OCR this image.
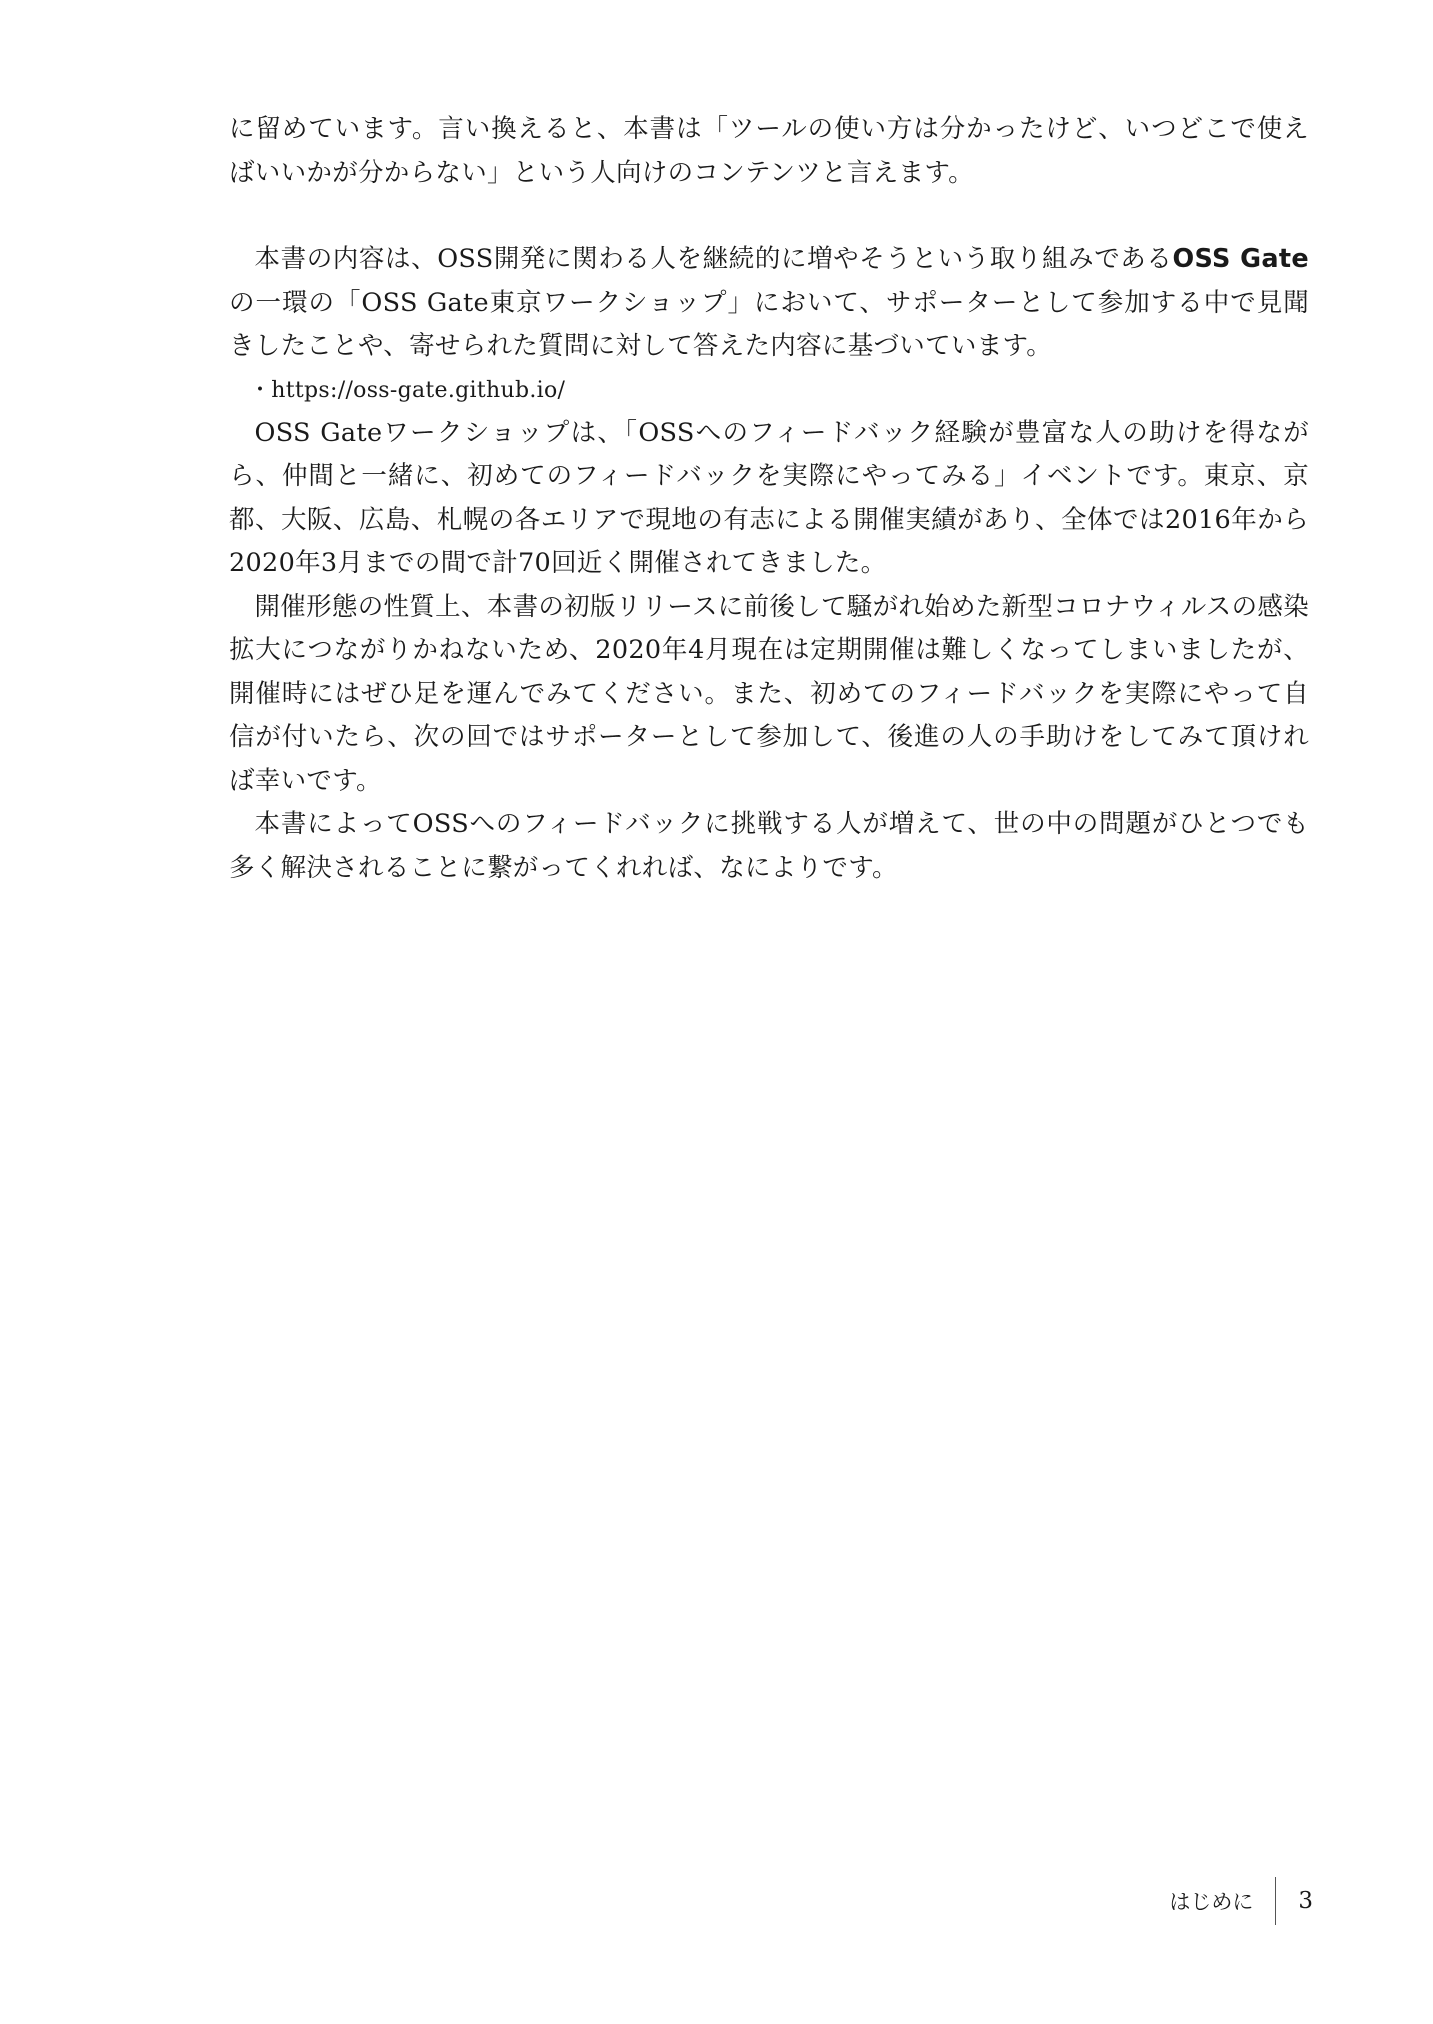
に留めています。言い換えると、本書は「ツールの使い方は分かったけど、いつどこで使えばいいかが分からない」という人向けのコンテンツと言えます。

本書の内容は、OSS開発に関わる人を継続的に増やそうという取り組みであるOSS Gateの一環の「OSS Gate東京ワークショップ」において、サポーターとして参加する中で見聞きしたことや、寄せられた質問に対して答えた内容に基づいています。

・https://oss-gate.github.io/

OSS Gateワークショップは、「OSSへのフィードバック経験が豊富な人の助けを得ながら、仲間と一緒に、初めてのフィードバックを実際にやってみる」イベントです。東京、京都、大阪、広島、札幌の各エリアで現地の有志による開催実績があり、全体では2016年から2020年3月までの間で計70回近く開催されてきました。

開催形態の性質上、本書の初版リリースに前後して騒がれ始めた新型コロナウィルスの感染拡大につながりかねないため、2020年4月現在は定期開催は難しくなってしまいましたが、開催時にはぜひ足を運んでみてください。また、初めてのフィードバックを実際にやって自信が付いたら、次の回ではサポーターとして参加して、後進の人の手助けをしてみて頂ければ幸いです。

本書によってOSSへのフィードバックに挑戦する人が増えて、世の中の問題がひとつでも多く解決されることに繋がってくれれば、なによりです。

はじめに	3
